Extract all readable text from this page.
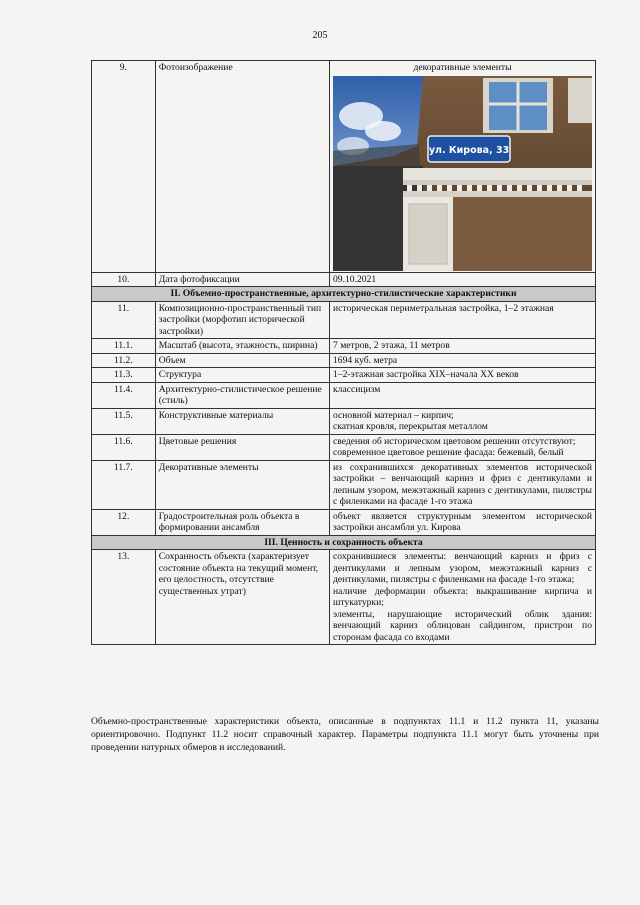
205
9.	Фотоизображение	декоративные элементы
ул. Кирова, 33

10.	Дата фотофиксации	09.10.2021
II. Объемно-пространственные, архитектурно-стилистические характеристики		
11.	Композиционно-пространственный тип застройки (морфотип исторической застройки)	историческая периметральная застройка, 1–2 этажная
11.1.	Масштаб (высота, этажность, ширина)	7 метров, 2 этажа, 11 метров
11.2.	Объем	1694 куб. метра
11.3.	Структура	1–2-этажная застройка XIX–начала XX веков
11.4.	Архитектурно-стилистическое решение (стиль)	классицизм
11.5.	Конструктивные материалы	основной материал – кирпич;
скатная кровля, перекрытая металлом

11.6.	Цветовые решения	сведения об историческом цветовом решении отсутствуют;
современное цветовое решение фасада: бежевый, белый

11.7.	Декоративные элементы	из сохранившихся декоративных элементов исторической застройки – венчающий карниз и фриз с дентикулами и лепным узором, межэтажный карниз с дентикулами, пилястры с филенками на фасаде 1-го этажа
12.	Градостроительная роль объекта в формировании ансамбля	объект является структурным элементом исторической застройки ансамбля ул. Кирова
III. Ценность и сохранность объекта		
13.	Сохранность объекта (характеризует состояние объекта на текущий момент, его целостность, отсутствие существенных утрат)	сохранившиеся элементы: венчающий карниз и фриз с дентикулами и лепным узором, межэтажный карниз с дентикулами, пилястры с филенками на фасаде 1-го этажа;
наличие деформации объекта: выкрашивание кирпича и штукатурки;
элементы, нарушающие исторический облик здания: венчающий карниз облицован сайдингом, пристрои по сторонам фасада со входами
Объемно-пространственные характеристики объекта, описанные в подпунктах 11.1 и 11.2 пункта 11, указаны ориентировочно. Подпункт 11.2 носит справочный характер. Параметры подпункта 11.1 могут быть уточнены при проведении натурных обмеров и исследований.
